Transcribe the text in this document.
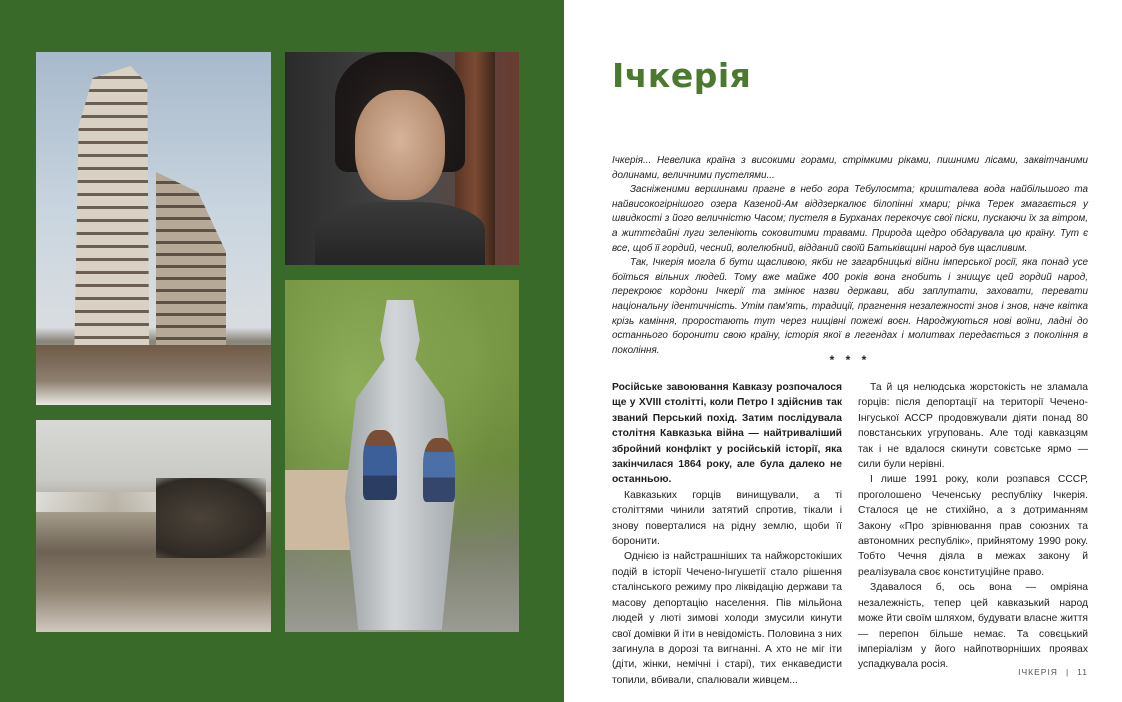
Ічкерія

Ічкерія... Невелика країна з високими горами, стрімкими ріками, пишними лісами, заквітчаними долинами, величними пустелями...

Засніженими вершинами прагне в небо гора Тебулосмта; кришталева вода найбільшого та найвисокогірнішого озера Казеной-Ам віддзеркалює білопінні хмари; річка Терек змагається у швидкості з його величністю Часом; пустеля в Бурханах перекочує свої піски, пускаючи їх за вітром, а життєдайні луги зеленіють соковитими травами. Природа щедро обдарувала цю країну. Тут є все, щоб її гордий, чесний, волелюбний, відданий своїй Батьківщині народ був щасливим.

Так, Ічкерія могла б бути щасливою, якби не загарбницькі війни імперської росії, яка понад усе боїться вільних людей. Тому вже майже 400 років вона гнобить і знищує цей гордий народ, перекроює кордони Ічкерії та змінює назви держави, аби заплутати, заховати, перевати національну ідентичність. Утім пам'ять, традиції, прагнення незалежності знов і знов, наче квітка крізь каміння, проростають тут через нищівні пожежі воєн. Народжуються нові воїни, ладні до останнього боронити свою країну, історія якої в легендах і молитвах передається з покоління в покоління.

* * *

Російське завоювання Кавказу розпочалося ще у XVIII столітті, коли Петро І здійснив так званий Перський похід. Затим послідувала столітня Кавказька війна — найтриваліший збройний конфлікт у російській історії, яка закінчилася 1864 року, але була далеко не останньою.

Кавказьких горців винищували, а ті століттями чинили затятий спротив, тікали і знову поверталися на рідну землю, щоби її боронити.

Однією із найстрашніших та найжорстокіших подій в історії Чечено-Інгушетії стало рішення сталінського режиму про ліквідацію держави та масову депортацію населення. Пів мільйона людей у люті зимові холоди змусили кинути свої домівки й іти в невідомість. Половина з них загинула в дорозі та вигнанні. А хто не міг іти (діти, жінки, немічні і старі), тих енкаведисти топили, вбивали, спалювали живцем...

Та й ця нелюдська жорстокість не зламала горців: після депортації на території Чечено-Інгуської АССР продовжували діяти понад 80 повстанських угруповань. Але тоді кавказцям так і не вдалося скинути совєтське ярмо — сили були нерівні.

І лише 1991 року, коли розпався СССР, проголошено Чеченську республіку Ічкерія. Сталося це не стихійно, а з дотриманням Закону «Про зрівнювання прав союзних та автономних республік», прийнятому 1990 року. Тобто Чечня діяла в межах закону й реалізувала своє конституційне право.

Здавалося б, ось вона — омріяна незалежність, тепер цей кавказький народ може йти своїм шляхом, будувати власне життя — перепон більше немає. Та совєцький імперіалізм у його найпотворніших проявах успадкувала росія.

ІЧКЕРІЯ | 11
